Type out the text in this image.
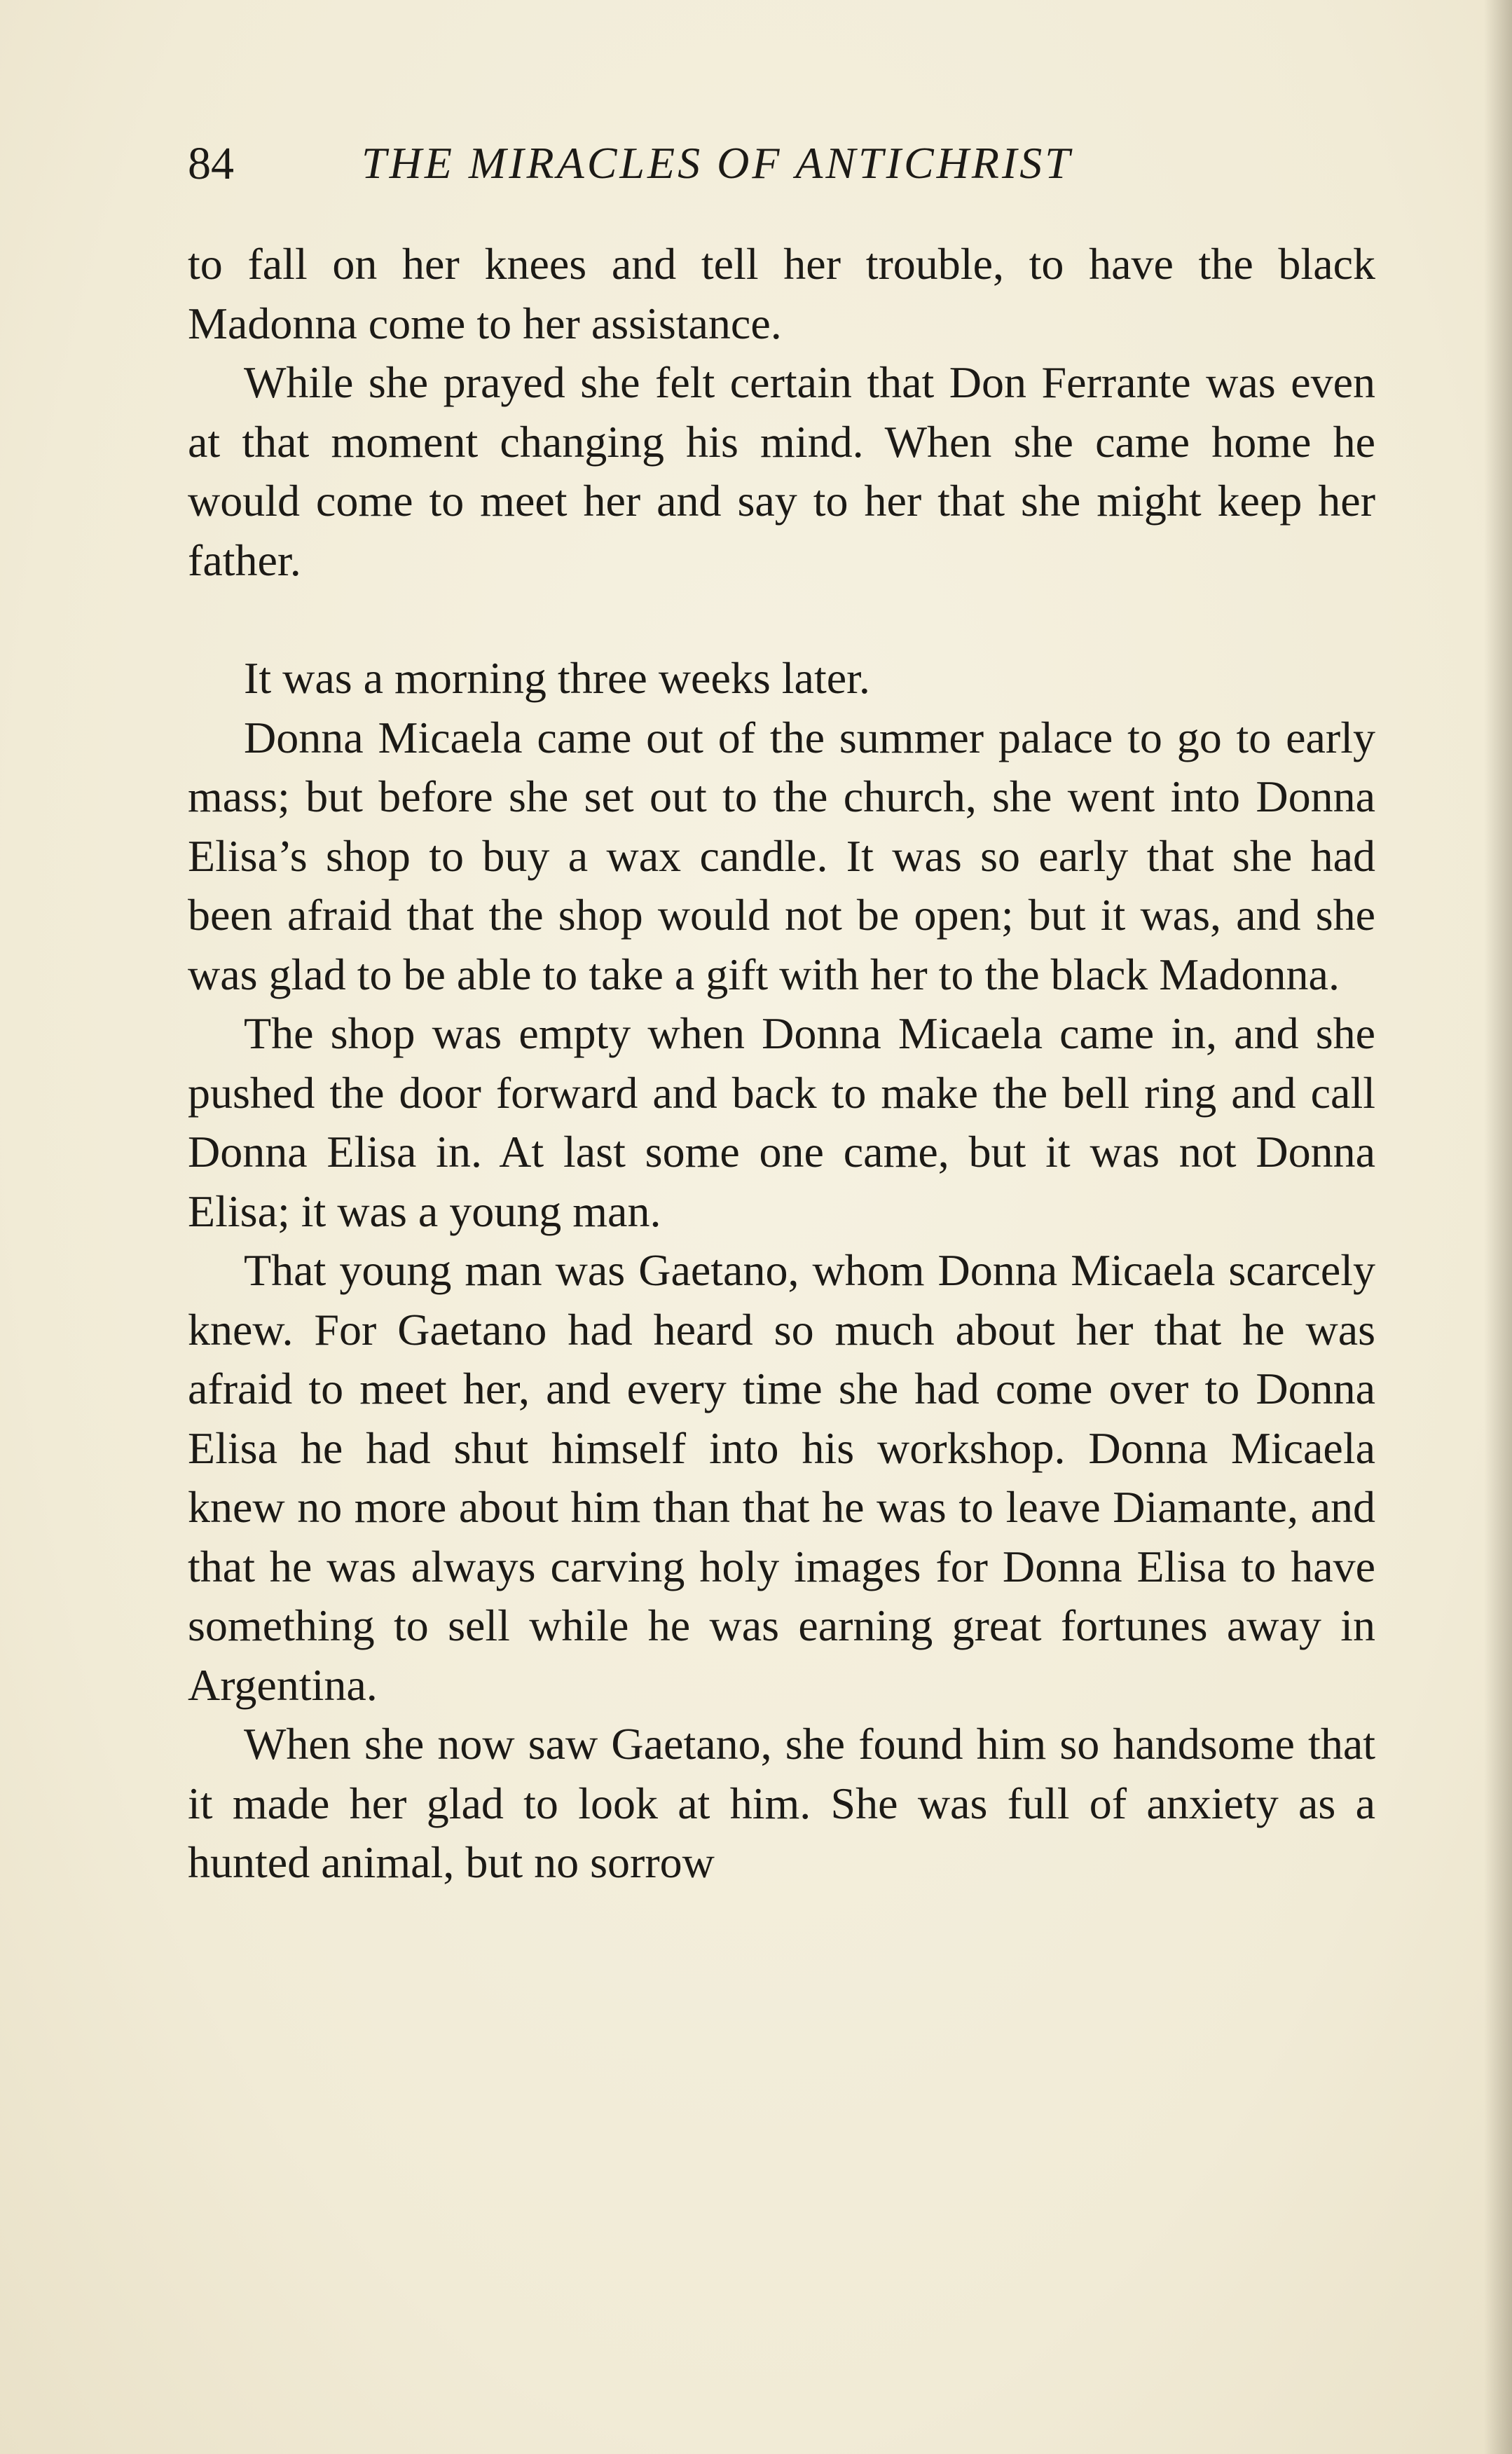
84	THE MIRACLES OF ANTICHRIST

to fall on her knees and tell her trouble, to have the black Madonna come to her assistance.

While she prayed she felt certain that Don Ferrante was even at that moment changing his mind. When she came home he would come to meet her and say to her that she might keep her father.

It was a morning three weeks later.

Donna Micaela came out of the summer palace to go to early mass; but before she set out to the church, she went into Donna Elisa’s shop to buy a wax candle. It was so early that she had been afraid that the shop would not be open; but it was, and she was glad to be able to take a gift with her to the black Madonna.

The shop was empty when Donna Micaela came in, and she pushed the door forward and back to make the bell ring and call Donna Elisa in. At last some one came, but it was not Donna Elisa; it was a young man.

That young man was Gaetano, whom Donna Micaela scarcely knew. For Gaetano had heard so much about her that he was afraid to meet her, and every time she had come over to Donna Elisa he had shut himself into his workshop. Donna Micaela knew no more about him than that he was to leave Diamante, and that he was always carving holy images for Donna Elisa to have something to sell while he was earning great fortunes away in Argentina.

When she now saw Gaetano, she found him so handsome that it made her glad to look at him. She was full of anxiety as a hunted animal, but no sorrow
